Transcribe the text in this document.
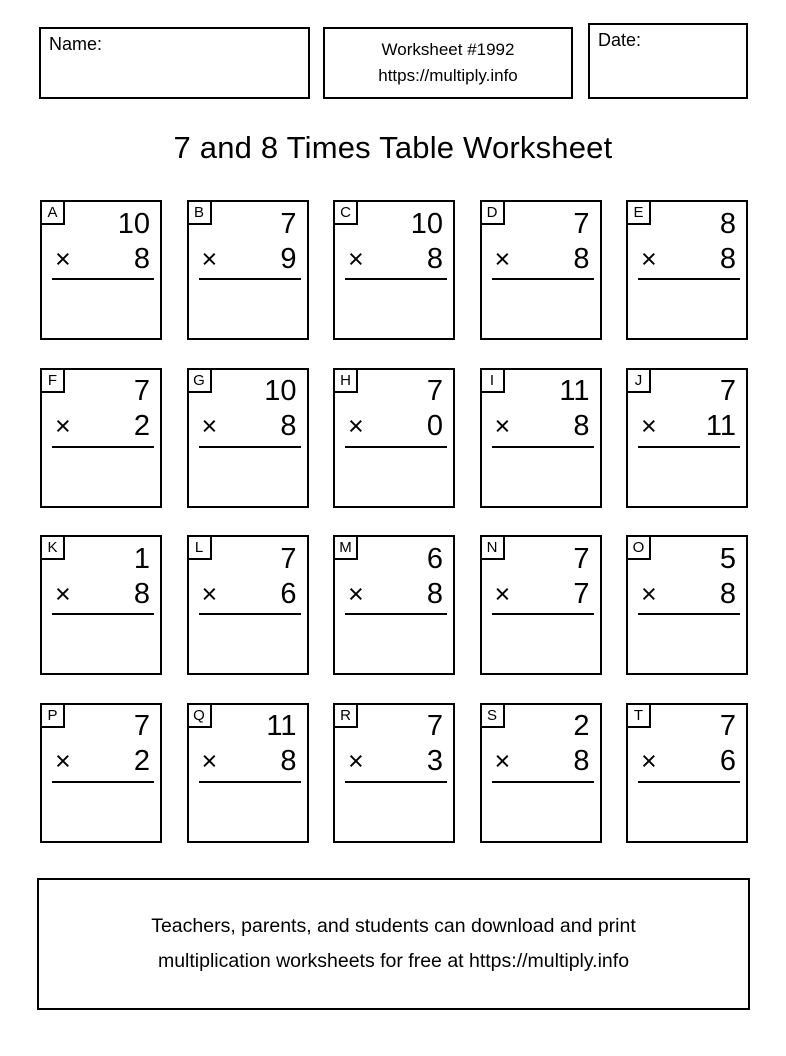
Name:	Worksheet #1992
https://multiply.info
Date:
7 and 8 Times Table Worksheet
A	10
× 8
B	7
× 9
C	10
× 8
D	7
× 8
E	8
× 8
F	7
× 2
G	10
× 8
H	7
× 0
I	11
× 8
J	7
× 11
K	1
× 8
L	7
× 6
M	6
× 8
N	7
× 7
O	5
× 8
P	7
× 2
Q	11
× 8
R	7
× 3
S	2
× 8
T	7
× 6
Teachers, parents, and students can download and print
multiplication worksheets for free at https://multiply.info
